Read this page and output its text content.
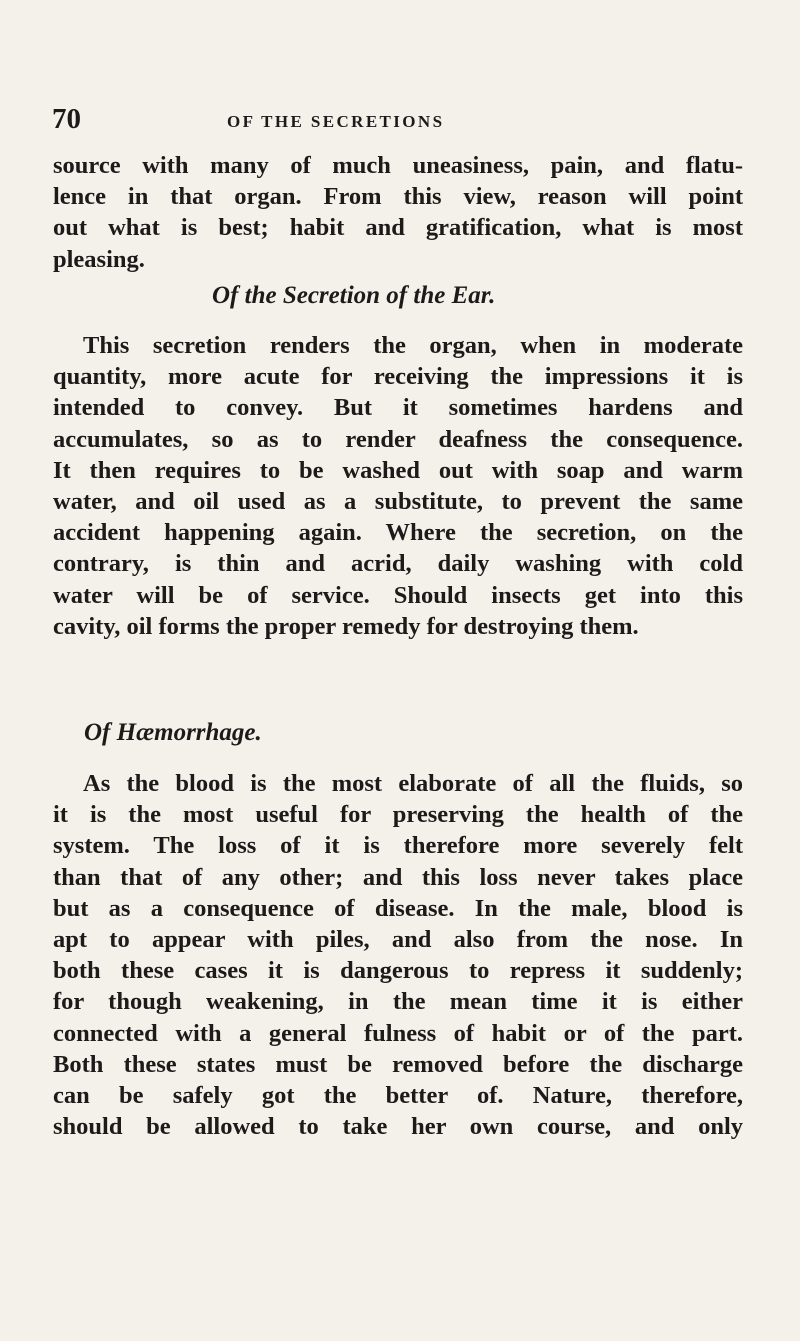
70	OF THE SECRETIONS
source with many of much uneasiness, pain, and flatu-
lence in that organ. From this view, reason will point
out what is best; habit and gratification, what is most
pleasing.
Of the Secretion of the Ear.
This secretion renders the organ, when in moderate
quantity, more acute for receiving the impressions it is
intended to convey. But it sometimes hardens and
accumulates, so as to render deafness the consequence.
It then requires to be washed out with soap and warm
water, and oil used as a substitute, to prevent the same
accident happening again. Where the secretion, on the
contrary, is thin and acrid, daily washing with cold
water will be of service. Should insects get into this
cavity, oil forms the proper remedy for destroying them.
Of Hæmorrhage.
As the blood is the most elaborate of all the fluids, so
it is the most useful for preserving the health of the
system. The loss of it is therefore more severely felt
than that of any other; and this loss never takes place
but as a consequence of disease. In the male, blood is
apt to appear with piles, and also from the nose. In
both these cases it is dangerous to repress it suddenly;
for though weakening, in the mean time it is either
connected with a general fulness of habit or of the part.
Both these states must be removed before the discharge
can be safely got the better of. Nature, therefore,
should be allowed to take her own course, and only
